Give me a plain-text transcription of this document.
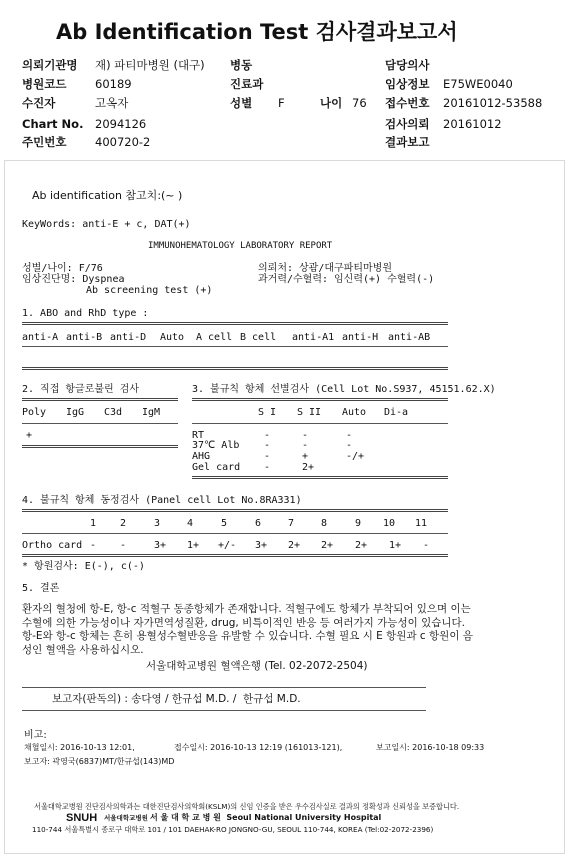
Ab Identification Test 검사결과보고서
의뢰기관명 재) 파티마병원 (대구) 병동	담당의사
병원코드 60189	진료과	임상정보 E75WE0040
수진자	고옥자	성별 F	나이 76 접수번호 20161012-53588
Chart No. 2094126	검사의뢰 20161012
주민번호 400720-2	결과보고
Ab identification 참고치:(~ )
KeyWords: anti-E + c, DAT(+)
IMMUNOHEMATOLOGY LABORATORY REPORT
성별/나이: F/76	의뢰처: 상괌/대구파티마병원
임상진단명: Dyspnea	과거력/수혈력: 임신력(+) 수혈력(-)
Ab screening test (+)
1. ABO and RhD type :
anti-A anti-B anti-D Auto A cell B cell anti-A1 anti-H anti-AB
2. 직접 항글로불린 검사
Poly IgG C3d IgM
+
3. 불규칙 항체 선별검사 (Cell Lot No.S937, 45151.62.X)
S I S II Auto Di-a
RT	-	-	-
37℃ Alb -	-	-
AHG	-	+	-/+
Gel card -	2+
4. 불규칙 항체 동정검사 (Panel cell Lot No.8RA331)
1 2	3	4	5	6	7	8	9 10 11
Ortho card - -	3+ 1+ +/- 3+ 2+ 2+ 2+ 1+ -
* 항원검사: E(-), c(-)
5. 결론
환자의 혈청에 항-E, 항-c 적혈구 동종항체가 존재합니다. 적혈구에도 항체가 부착되어 있으며 이는 수혈에 의한 가능성이나 자가면역성질환, drug, 비특이적인 반응 등 여러가지 가능성이 있습니다. 항-E와 항-c 항체는 흔히 용혈성수혈반응을 유발할 수 있습니다. 수혈 필요 시 E 항원과 c 항원이 음성인 혈액을 사용하십시오.
서울대학교병원 혈액은행 (Tel. 02-2072-2504)
보고자(판독의) : 송다영 / 한규섭 M.D. /  한규섭 M.D.
비고:
채혈일시: 2016-10-13 12:01,	접수일시: 2016-10-13 12:19 (161013-121),	보고일시: 2016-10-18 09:33
보고자: 곽영국(6837)MT/한규섭(143)MD
서울대학교병원 진단검사의학과는 대한진단검사의학회(KSLM)의 신임 인증을 받은 우수검사실로 결과의 정확성과 신뢰성을 보증합니다.
SNUH 서울대학교병원 서 울 대 학 교 병 원  Seoul National University Hospital
110-744 서울특별시 종로구 대학로 101 / 101 DAEHAK-RO JONGNO-GU, SEOUL 110-744, KOREA (Tel:02-2072-2396)
